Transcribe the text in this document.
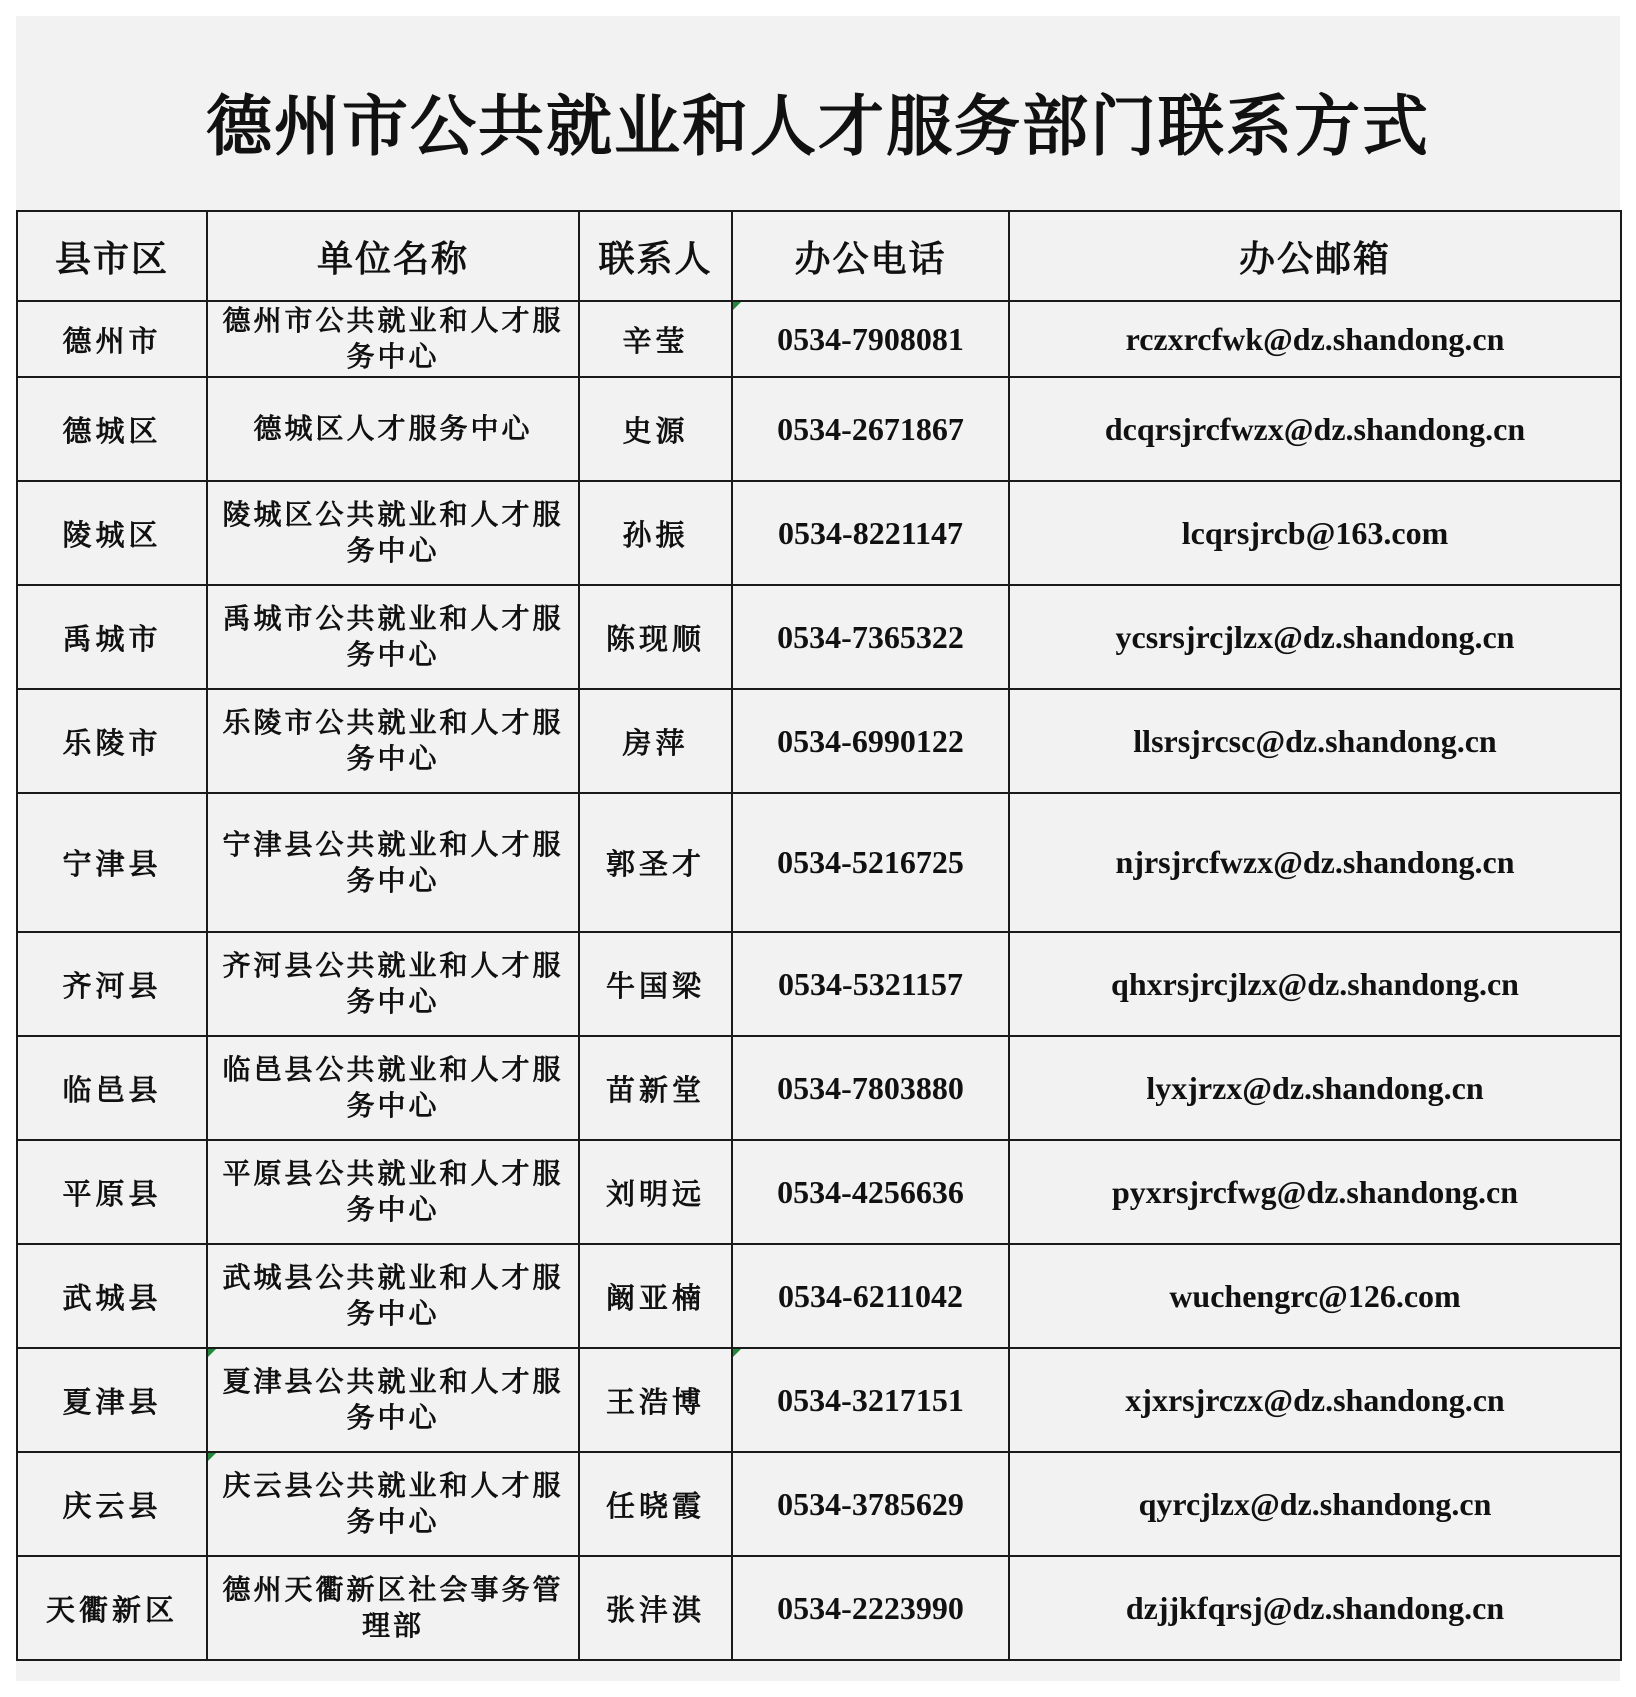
德州市公共就业和人才服务部门联系方式
县市区	单位名称	联系人	办公电话	办公邮箱
德州市	德州市公共就业和人才服务中心	辛莹	0534-7908081	rczxrcfwk@dz.shandong.cn
德城区	德城区人才服务中心	史源	0534-2671867	dcqrsjrcfwzx@dz.shandong.cn
陵城区	陵城区公共就业和人才服务中心	孙振	0534-8221147	lcqrsjrcb@163.com
禹城市	禹城市公共就业和人才服务中心	陈现顺	0534-7365322	ycsrsjrcjlzx@dz.shandong.cn
乐陵市	乐陵市公共就业和人才服务中心	房萍	0534-6990122	llsrsjrcsc@dz.shandong.cn
宁津县	宁津县公共就业和人才服务中心	郭圣才	0534-5216725	njrsjrcfwzx@dz.shandong.cn
齐河县	齐河县公共就业和人才服务中心	牛国梁	0534-5321157	qhxrsjrcjlzx@dz.shandong.cn
临邑县	临邑县公共就业和人才服务中心	苗新堂	0534-7803880	lyxjrzx@dz.shandong.cn
平原县	平原县公共就业和人才服务中心	刘明远	0534-4256636	pyxrsjrcfwg@dz.shandong.cn
武城县	武城县公共就业和人才服务中心	阚亚楠	0534-6211042	wuchengrc@126.com
夏津县	夏津县公共就业和人才服务中心	王浩博	0534-3217151	xjxrsjrczx@dz.shandong.cn
庆云县	庆云县公共就业和人才服务中心	任晓霞	0534-3785629	qyrcjlzx@dz.shandong.cn
天衢新区	德州天衢新区社会事务管理部	张沣淇	0534-2223990	dzjjkfqrsj@dz.shandong.cn
